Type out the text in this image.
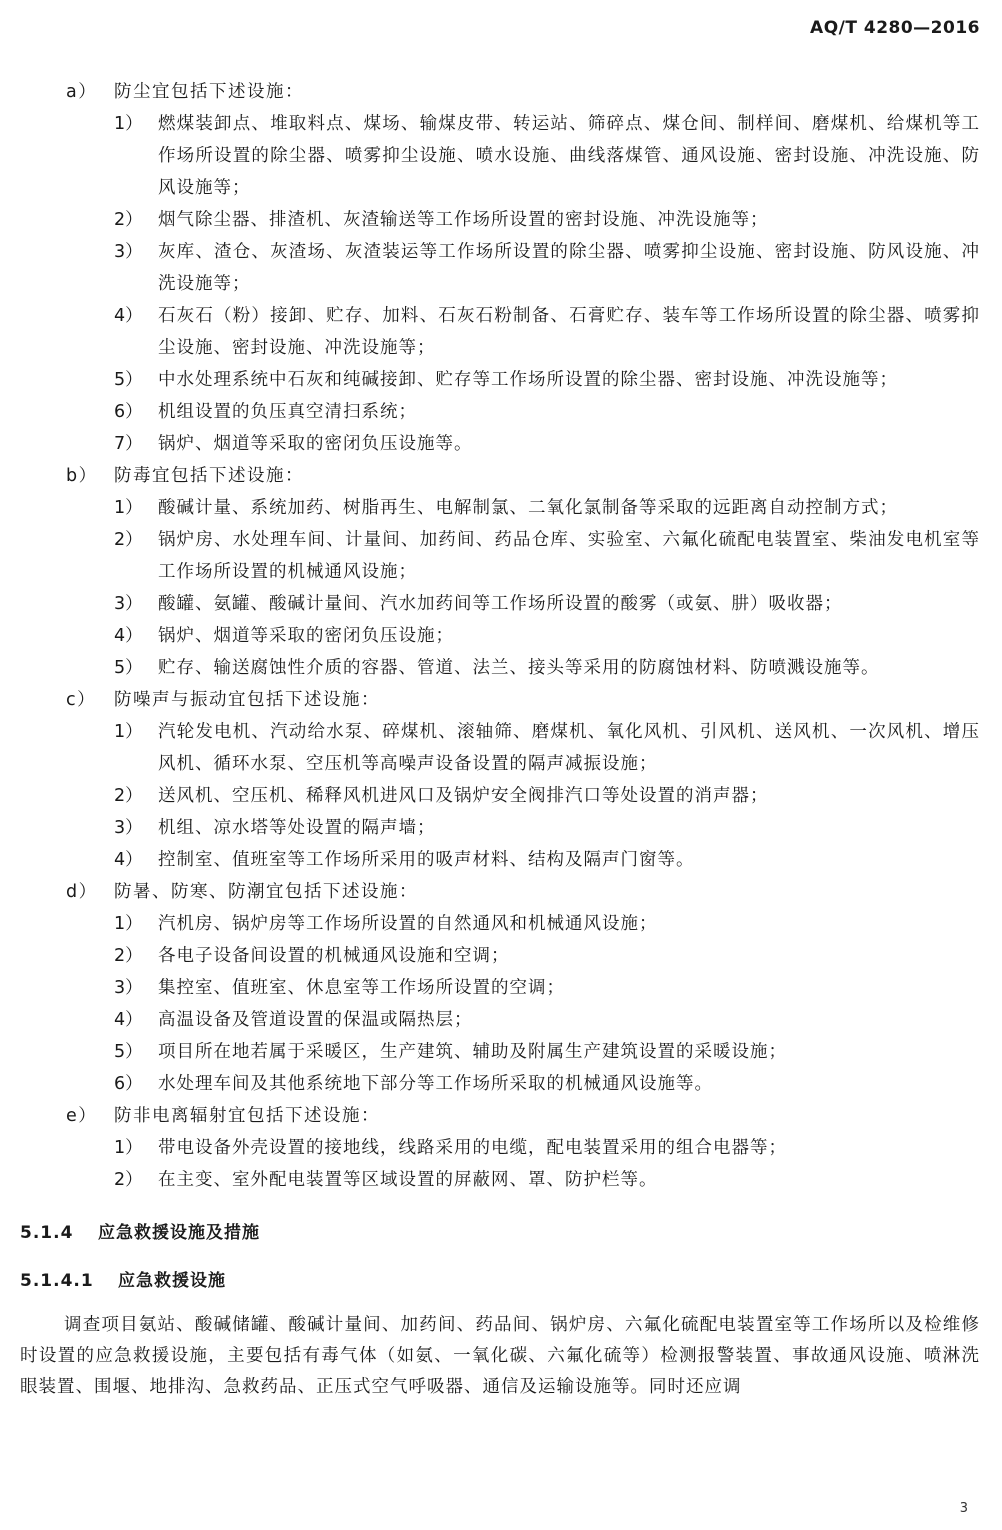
AQ/T 4280—2016
a） 防尘宜包括下述设施：
1） 燃煤装卸点、堆取料点、煤场、输煤皮带、转运站、筛碎点、煤仓间、制样间、磨煤机、给煤机等工作场所设置的除尘器、喷雾抑尘设施、喷水设施、曲线落煤管、通风设施、密封设施、冲洗设施、防风设施等；
2） 烟气除尘器、排渣机、灰渣输送等工作场所设置的密封设施、冲洗设施等；
3） 灰库、渣仓、灰渣场、灰渣装运等工作场所设置的除尘器、喷雾抑尘设施、密封设施、防风设施、冲洗设施等；
4） 石灰石（粉）接卸、贮存、加料、石灰石粉制备、石膏贮存、装车等工作场所设置的除尘器、喷雾抑尘设施、密封设施、冲洗设施等；
5） 中水处理系统中石灰和纯碱接卸、贮存等工作场所设置的除尘器、密封设施、冲洗设施等；
6） 机组设置的负压真空清扫系统；
7） 锅炉、烟道等采取的密闭负压设施等。
b） 防毒宜包括下述设施：
1） 酸碱计量、系统加药、树脂再生、电解制氯、二氧化氯制备等采取的远距离自动控制方式；
2） 锅炉房、水处理车间、计量间、加药间、药品仓库、实验室、六氟化硫配电装置室、柴油发电机室等工作场所设置的机械通风设施；
3） 酸罐、氨罐、酸碱计量间、汽水加药间等工作场所设置的酸雾（或氨、肼）吸收器；
4） 锅炉、烟道等采取的密闭负压设施；
5） 贮存、输送腐蚀性介质的容器、管道、法兰、接头等采用的防腐蚀材料、防喷溅设施等。
c） 防噪声与振动宜包括下述设施：
1） 汽轮发电机、汽动给水泵、碎煤机、滚轴筛、磨煤机、氧化风机、引风机、送风机、一次风机、增压风机、循环水泵、空压机等高噪声设备设置的隔声减振设施；
2） 送风机、空压机、稀释风机进风口及锅炉安全阀排汽口等处设置的消声器；
3） 机组、凉水塔等处设置的隔声墙；
4） 控制室、值班室等工作场所采用的吸声材料、结构及隔声门窗等。
d） 防暑、防寒、防潮宜包括下述设施：
1） 汽机房、锅炉房等工作场所设置的自然通风和机械通风设施；
2） 各电子设备间设置的机械通风设施和空调；
3） 集控室、值班室、休息室等工作场所设置的空调；
4） 高温设备及管道设置的保温或隔热层；
5） 项目所在地若属于采暖区，生产建筑、辅助及附属生产建筑设置的采暖设施；
6） 水处理车间及其他系统地下部分等工作场所采取的机械通风设施等。
e） 防非电离辐射宜包括下述设施：
1） 带电设备外壳设置的接地线，线路采用的电缆，配电装置采用的组合电器等；
2） 在主变、室外配电装置等区域设置的屏蔽网、罩、防护栏等。
5.1.4 应急救援设施及措施
5.1.4.1 应急救援设施
调查项目氨站、酸碱储罐、酸碱计量间、加药间、药品间、锅炉房、六氟化硫配电装置室等工作场所以及检维修时设置的应急救援设施，主要包括有毒气体（如氨、一氧化碳、六氟化硫等）检测报警装置、事故通风设施、喷淋洗眼装置、围堰、地排沟、急救药品、正压式空气呼吸器、通信及运输设施等。同时还应调
3
